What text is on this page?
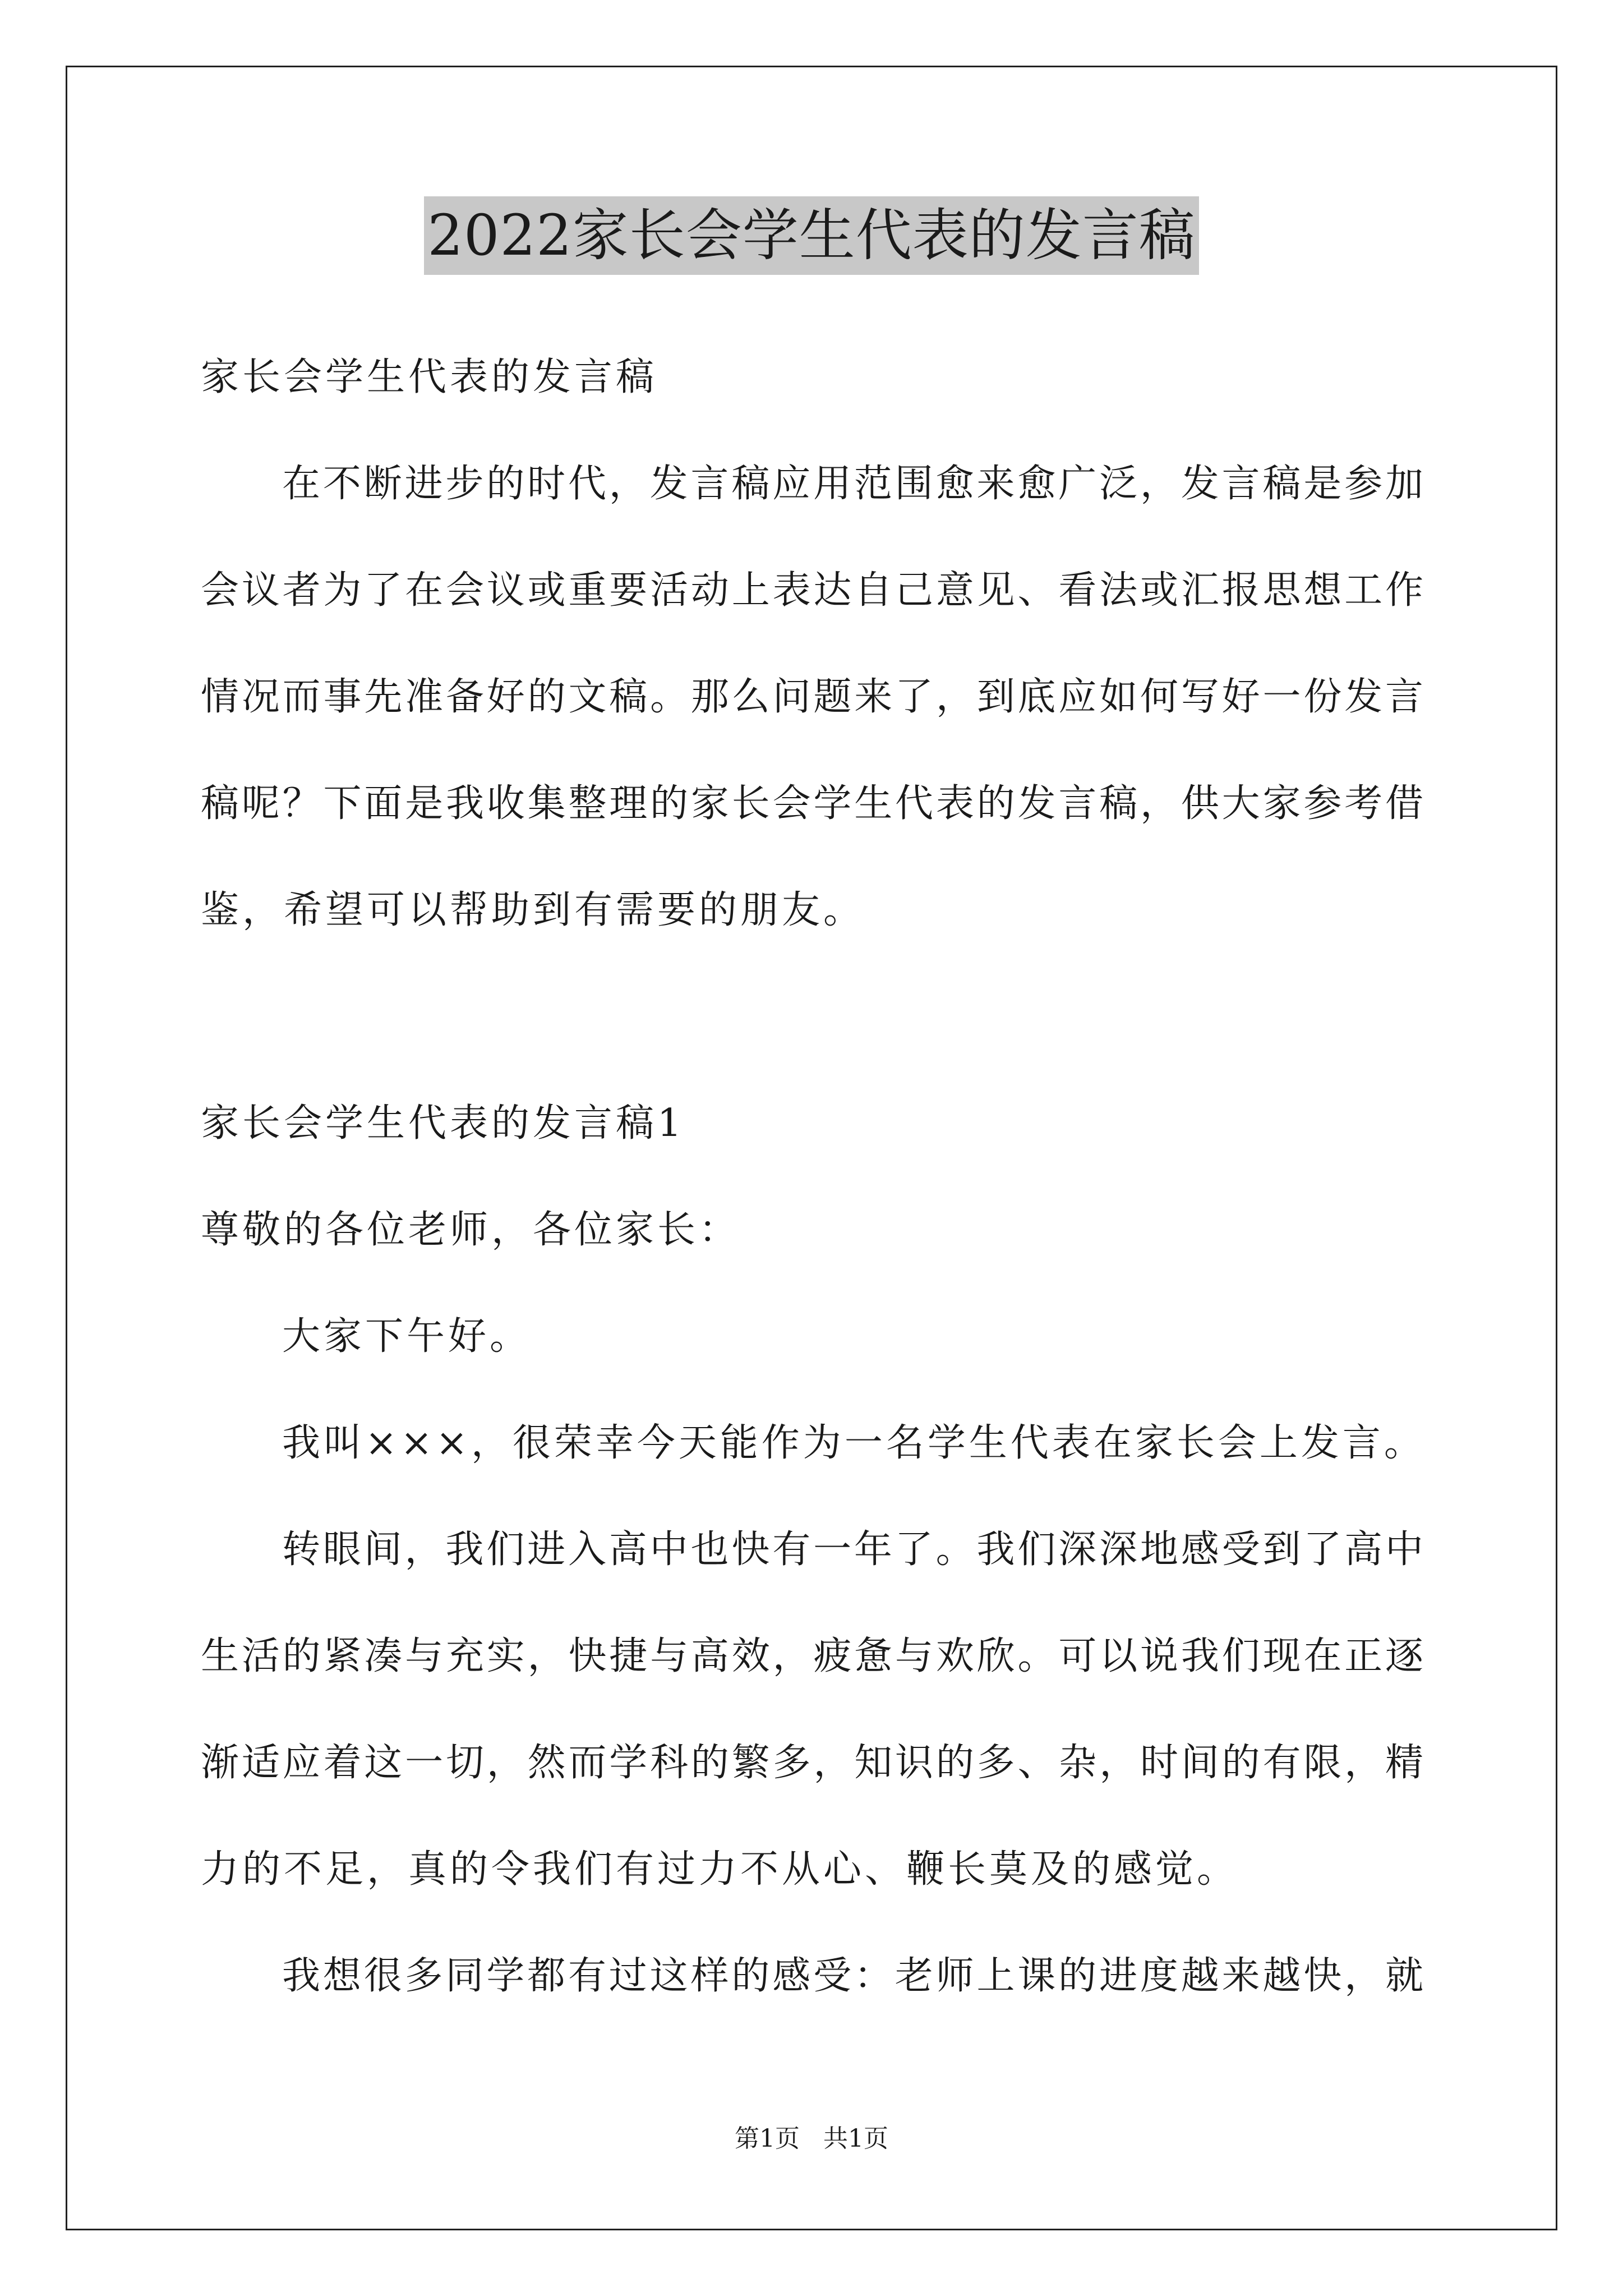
2022家长会学生代表的发言稿
家长会学生代表的发言稿
在不断进步的时代，发言稿应用范围愈来愈广泛，发言稿是参加
会议者为了在会议或重要活动上表达自己意见、看法或汇报思想工作
情况而事先准备好的文稿。那么问题来了，到底应如何写好一份发言
稿呢？下面是我收集整理的家长会学生代表的发言稿，供大家参考借
鉴，希望可以帮助到有需要的朋友。
家长会学生代表的发言稿1
尊敬的各位老师，各位家长：
大家下午好。
我叫×××，很荣幸今天能作为一名学生代表在家长会上发言。
转眼间，我们进入高中也快有一年了。我们深深地感受到了高中
生活的紧凑与充实，快捷与高效，疲惫与欢欣。可以说我们现在正逐
渐适应着这一切，然而学科的繁多，知识的多、杂，时间的有限，精
力的不足，真的令我们有过力不从心、鞭长莫及的感觉。
我想很多同学都有过这样的感受：老师上课的进度越来越快，就
第1页 共1页
